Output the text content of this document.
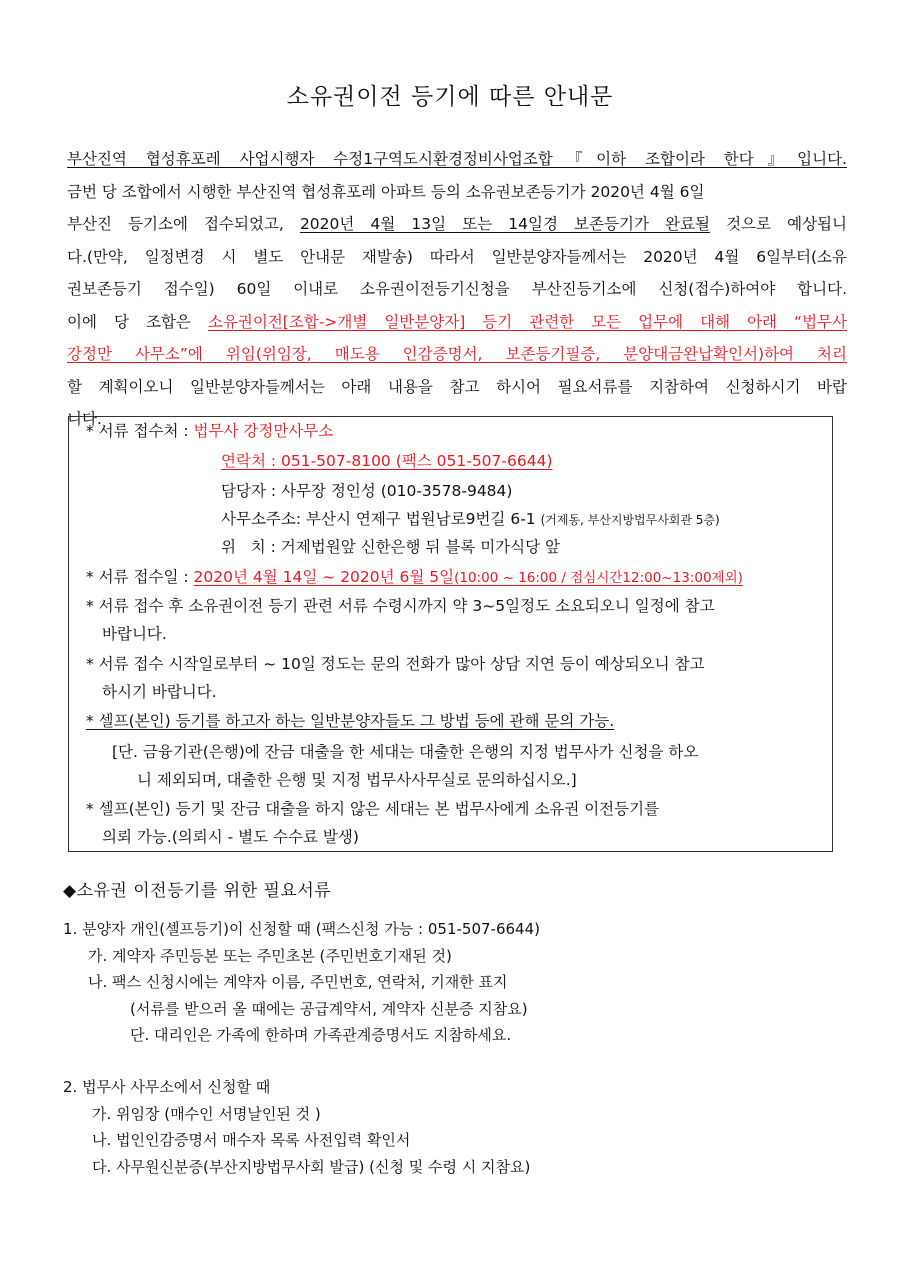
소유권이전 등기에 따른 안내문
부산진역 협성휴포레 사업시행자 수정1구역도시환경정비사업조합『이하 조합이라 한다』입니다.
금번 당 조합에서 시행한 부산진역 협성휴포레 아파트 등의 소유권보존등기가 2020년 4월 6일
부산진 등기소에 접수되었고, 2020년 4월 13일 또는 14일경 보존등기가 완료될 것으로 예상됩니
다.(만약, 일정변경 시 별도 안내문 재발송) 따라서 일반분양자들께서는 2020년 4월 6일부터(소유
권보존등기 접수일) 60일 이내로 소유권이전등기신청을 부산진등기소에 신청(접수)하여야 합니다.
이에 당 조합은 소유권이전[조합->개별 일반분양자] 등기 관련한 모든 업무에 대해 아래 “법무사
강정만 사무소”에 위임(위임장, 매도용 인감증명서, 보존등기필증, 분양대금완납확인서)하여 처리
할 계획이오니 일반분양자들께서는 아래 내용을 참고 하시어 필요서류를 지참하여 신청하시기 바랍
니다.
* 서류 접수처 : 법무사 강정만사무소
연락처 : 051-507-8100 (팩스 051-507-6644)
담당자 : 사무장 정인성 (010-3578-9484)
사무소주소: 부산시 연제구 법원남로9번길 6-1 (거제동, 부산지방법무사회관 5층)
위   치 : 거제법원앞 신한은행 뒤 블록 미가식당 앞
* 서류 접수일 : 2020년 4월 14일 ~ 2020년 6월 5일(10:00 ~ 16:00 / 점심시간12:00~13:00제외)
* 서류 접수 후 소유권이전 등기 관련 서류 수령시까지 약 3~5일정도 소요되오니 일정에 참고
바랍니다.
* 서류 접수 시작일로부터 ~ 10일 정도는 문의 전화가 많아 상담 지연 등이 예상되오니 참고
하시기 바랍니다.
* 셀프(본인) 등기를 하고자 하는 일반분양자들도 그 방법 등에 관해 문의 가능.
[단. 금융기관(은행)에 잔금 대출을 한 세대는 대출한 은행의 지정 법무사가 신청을 하오
니 제외되며, 대출한 은행 및 지정 법무사사무실로 문의하십시오.]
* 셀프(본인) 등기 및 잔금 대출을 하지 않은 세대는 본 법무사에게 소유권 이전등기를
의뢰 가능.(의뢰시 - 별도 수수료 발생)
◆소유권 이전등기를 위한 필요서류
1. 분양자 개인(셀프등기)이 신청할 때 (팩스신청 가능 : 051-507-6644)
가. 계약자 주민등본 또는 주민초본 (주민번호기재된 것)
나. 팩스 신청시에는 계약자 이름, 주민번호, 연락처, 기재한 표지
(서류를 받으러 올 때에는 공급계약서, 계약자 신분증 지참요)
단. 대리인은 가족에 한하며 가족관계증명서도 지참하세요.
2. 법무사 사무소에서 신청할 때
가. 위임장 (매수인 서명날인된 것 )
나. 법인인감증명서 매수자 목록 사전입력 확인서
다. 사무원신분증(부산지방법무사회 발급) (신청 및 수령 시 지참요)
